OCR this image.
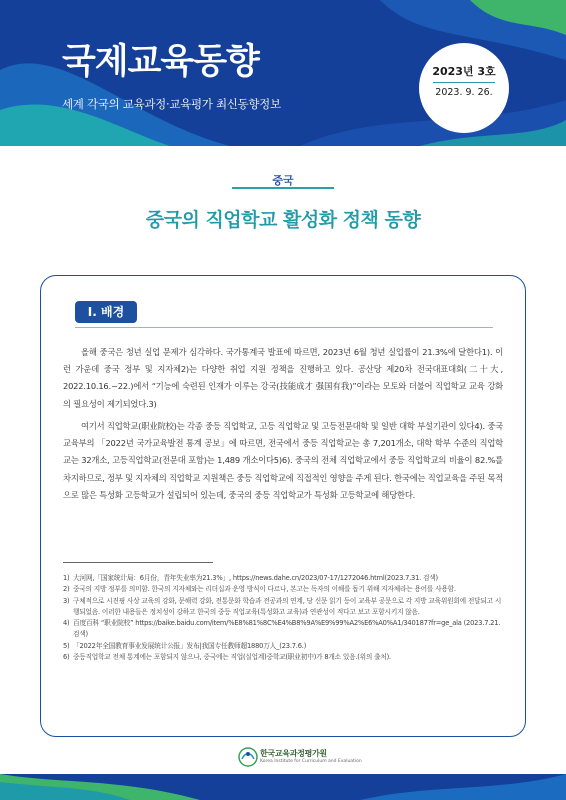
국제교육동향
세계 각국의 교육과정·교육평가 최신동향정보
2023년 3호
2023. 9. 26.
중국
중국의 직업학교 활성화 정책 동향
Ⅰ. 배경

올해 중국은 청년 실업 문제가 심각하다. 국가통계국 발표에 따르면, 2023년 6월 청년 실업률이 21.3%에 달한다1). 이런 가운데 중국 정부 및 지자체2)는 다양한 취업 지원 정책을 진행하고 있다. 공산당 제20차 전국대표대회(二十大, 2022.10.16.~22.)에서 “기능에 숙련된 인재가 이루는 강국(技能成才 强国有我)”이라는 모토와 더불어 직업학교 교육 강화의 필요성이 제기되었다.3)

여기서 직업학교(职业院校)는 각종 중등 직업학교, 고등 직업학교 및 고등전문대학 및 일반 대학 부설기관이 있다4). 중국 교육부의 「2022년 국가교육발전 통계 공보」에 따르면, 전국에서 중등 직업학교는 총 7,201개소, 대학 학부 수준의 직업학교는 32개소, 고등직업학교(전문대 포함)는 1,489 개소이다5)6). 중국의 전체 직업학교에서 중등 직업학교의 비율이 82.%를 차지하므로, 정부 및 지자체의 직업학교 지원책은 중등 직업학교에 직접적인 영향을 주게 된다. 한국에는 직업교육을 주된 목적으로 많은 특성화 고등학교가 설립되어 있는데, 중국의 중등 직업학교가 특성화 고등학교에 해당한다.

1) 大河网,「国家统计局：6月份，青年失业率为21.3%」, https://news.dahe.cn/2023/07-17/1272046.html(2023.7.31. 검색)
2) 중국의 지방 정부를 의미함. 한국의 지자체와는 리더십과 운영 방식이 다르나, 본고는 독자의 이해를 돕기 위해 지자체라는 용어를 사용함.
3) 구체적으로 시진핑 사상 교육의 강화, 문해력 강화, 전통문화 학습과 전공과의 연계, 당 신문 읽기 등이 교육부 공문으로 각 지방 교육위원회에 전달되고 시행되었음. 이러한 내용들은 정치성이 강하고 한국의 중등 직업교육(특성화고 교육)과 연관성이 적다고 보고 포함시키지 않음.
4) 百度百科 “职业院校” https://baike.baidu.com/item/%E8%81%8C%E4%B8%9A%E9%99%A2%E6%A0%A1/340187?fr=ge_ala (2023.7.21. 검색)
5) 「2022年全国教育事业发展统计公报」发布|我国专任教师超1880万人_(23.7.6.)
6) 중등직업학교 전체 통계에는 포함되지 않으나, 중국에는 직업(실업계)중학교(职业初中)가 8개소 있음.(위의 출처).
한국교육과정평가원
Korea Institute for Curriculum and Evaluation
